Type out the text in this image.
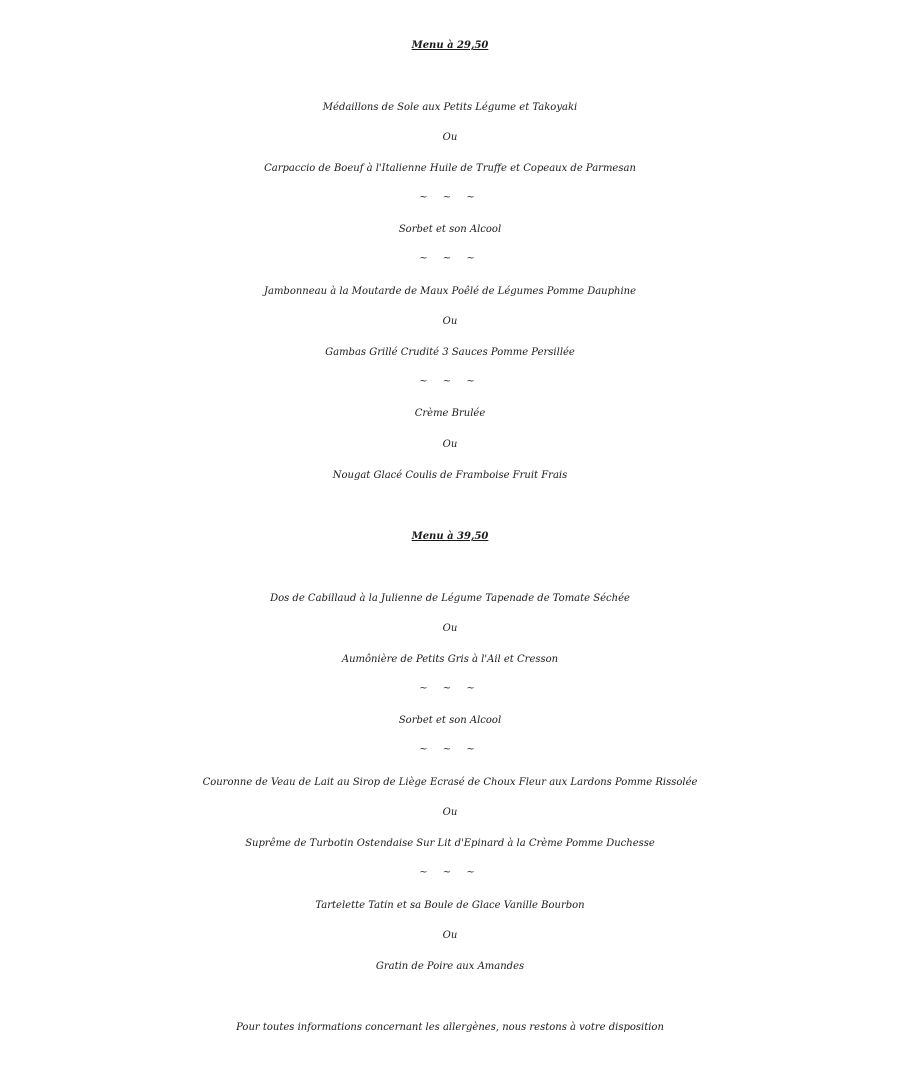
Menu à 29,50
Médaillons de Sole aux Petits Légume et Takoyaki
Ou
Carpaccio de Boeuf à l'Italienne Huile de Truffe et Copeaux de Parmesan
~ ~ ~
Sorbet et son Alcool
~ ~ ~
Jambonneau à la Moutarde de Maux Poêlé de Légumes Pomme Dauphine
Ou
Gambas Grillé Crudité 3 Sauces Pomme Persillée
~ ~ ~
Crème Brulée
Ou
Nougat Glacé Coulis de Framboise Fruit Frais
Menu à 39,50
Dos de Cabillaud à la Julienne de Légume Tapenade de Tomate Séchée
Ou
Aumônière de Petits Gris à l'Ail et Cresson
~ ~ ~
Sorbet et son Alcool
~ ~ ~
Couronne de Veau de Lait au Sirop de Liège Ecrasé de Choux Fleur aux Lardons Pomme Rissolée
Ou
Suprême de Turbotin Ostendaise Sur Lit d'Epinard à la Crème Pomme Duchesse
~ ~ ~
Tartelette Tatin et sa Boule de Glace Vanille Bourbon
Ou
Gratin de Poire aux Amandes
Pour toutes informations concernant les allergènes, nous restons à votre disposition
